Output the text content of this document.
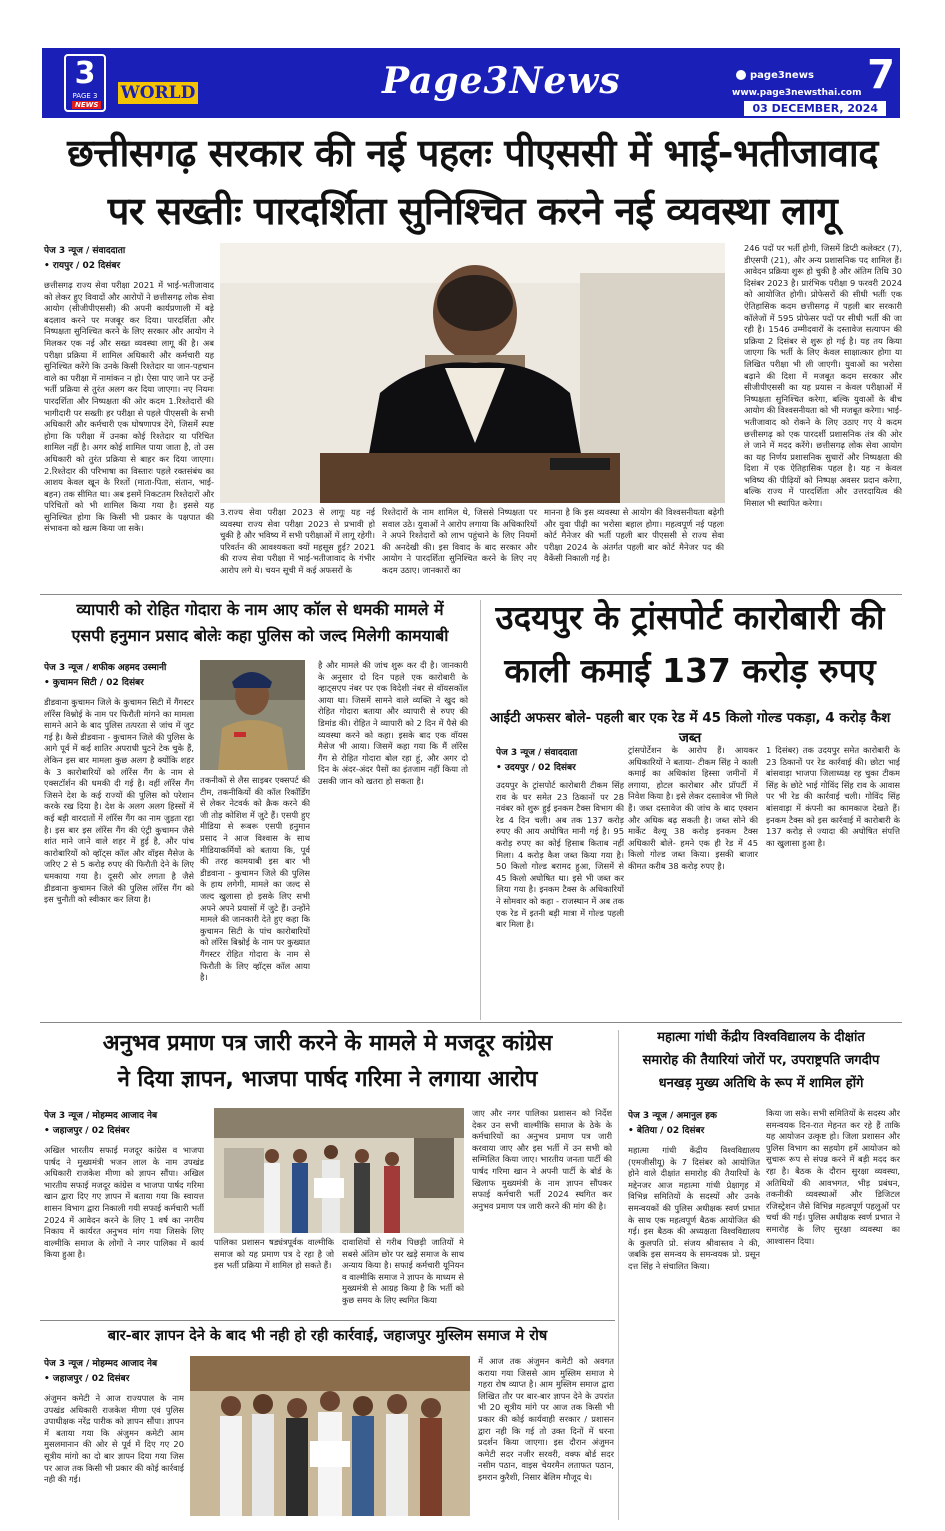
3
PAGE 3
NEWS
WORLD	Page3News	page3news
www.page3newsthai.com 7
03 DECEMBER, 2024
छत्तीसगढ़ सरकार की नई पहलः पीएससी में भाई-भतीजावाद
पर सख्तीः पारदर्शिता सुनिश्चित करने नई व्यवस्था लागू
पेज 3 न्यूज / संवाददाता
• रायपुर / 02 दिसंबर
छत्तीसगढ़ राज्य सेवा परीक्षा 2021 में भाई-भतीजावाद को लेकर हुए विवादों और आरोपों ने छत्तीसगढ़ लोक सेवा आयोग (सीजीपीएससी) की अपनी कार्यप्रणाली में बड़े बदलाव करने पर मजबूर कर दिया। पारदर्शिता और निष्पक्षता सुनिश्चित करने के लिए सरकार और आयोग ने मिलकर एक नई और सख्त व्यवस्था लागू की है। अब परीक्षा प्रक्रिया में शामिल अधिकारी और कर्मचारी यह सुनिश्चित करेंगे कि उनके किसी रिश्तेदार या जान-पहचान वाले का परीक्षा में नामांकन न हो। ऐसा पाए जाने पर उन्हें भर्ती प्रक्रिया से तुरंत अलग कर दिया जाएगा। नए नियमः पारदर्शिता और निष्पक्षता की ओर कदम 1.रिश्तेदारों की भागीदारी पर सख्तीः हर परीक्षा से पहले पीएससी के सभी अधिकारी और कर्मचारी एक घोषणापत्र देंगे, जिसमें स्पष्ट होगा कि परीक्षा में उनका कोई रिश्तेदार या परिचित शामिल नहीं है। अगर कोई शामिल पाया जाता है, तो उस अधिकारी को तुरंत प्रक्रिया से बाहर कर दिया जाएगा। 2.रिश्तेदार की परिभाषा का विस्तारः पहले रक्तसंबंध का आशय केवल खून के रिश्तों (माता-पिता, संतान, भाई-बहन) तक सीमित था। अब इसमें निकटतम रिश्तेदारों और परिचितों को भी शामिल किया गया है। इससे यह सुनिश्चित होगा कि किसी भी प्रकार के पक्षपात की संभावना को खत्म किया जा सके।
3.राज्य सेवा परीक्षा 2023 से लागूः यह नई व्यवस्था राज्य सेवा परीक्षा 2023 से प्रभावी हो चुकी है और भविष्य में सभी परीक्षाओं में लागू रहेगी। परिवर्तन की आवश्यकता क्यों महसूस हुई? 2021 की राज्य सेवा परीक्षा में भाई-भतीजावाद के गंभीर आरोप लगे थे। चयन सूची में कई अफसरों के
रिश्तेदारों के नाम शामिल थे, जिससे निष्पक्षता पर सवाल उठे। युवाओं ने आरोप लगाया कि अधिकारियों ने अपने रिश्तेदारों को लाभ पहुंचाने के लिए नियमों की अनदेखी की। इस विवाद के बाद सरकार और आयोग ने पारदर्शिता सुनिश्चित करने के लिए नए कदम उठाए। जानकारों का
मानना है कि इस व्यवस्था से आयोग की विश्वसनीयता बढ़ेगी और युवा पीढ़ी का भरोसा बहाल होगा। महत्वपूर्ण नई पहलः कोर्ट मैनेजर की भर्ती पहली बार पीएससी से राज्य सेवा परीक्षा 2024 के अंतर्गत पहली बार कोर्ट मैनेजर पद की वैकेंसी निकाली गई है।
246 पदों पर भर्ती होगी, जिसमें डिप्टी कलेक्टर (7), डीएसपी (21), और अन्य प्रशासनिक पद शामिल हैं। आवेदन प्रक्रिया शुरू हो चुकी है और अंतिम तिथि 30 दिसंबर 2023 है। प्रारंभिक परीक्षा 9 फरवरी 2024 को आयोजित होगी। प्रोफेसरों की सीधी भर्तीः एक ऐतिहासिक कदम छत्तीसगढ़ में पहली बार सरकारी कॉलेजों में 595 प्रोफेसर पदों पर सीधी भर्ती की जा रही है। 1546 उम्मीदवारों के दस्तावेज सत्यापन की प्रक्रिया 2 दिसंबर से शुरू हो गई है। यह तय किया जाएगा कि भर्ती के लिए केवल साक्षात्कार होगा या लिखित परीक्षा भी ली जाएगी। युवाओं का भरोसा बढ़ाने की दिशा में मजबूत कदम सरकार और सीजीपीएससी का यह प्रयास न केवल परीक्षाओं में निष्पक्षता सुनिश्चित करेगा, बल्कि युवाओं के बीच आयोग की विश्वसनीयता को भी मजबूत करेगा। भाई-भतीजावाद को रोकने के लिए उठाए गए ये कदम छत्तीसगढ़ को एक पारदर्शी प्रशासनिक तंत्र की ओर ले जाने में मदद करेंगे। छत्तीसगढ़ लोक सेवा आयोग का यह निर्णय प्रशासनिक सुधारों और निष्पक्षता की दिशा में एक ऐतिहासिक पहल है। यह न केवल भविष्य की पीढ़ियों को निष्पक्ष अवसर प्रदान करेगा, बल्कि राज्य में पारदर्शिता और उत्तरदायित्व की मिसाल भी स्थापित करेगा।
व्यापारी को रोहित गोदारा के नाम आए कॉल से धमकी मामले में
एसपी हनुमान प्रसाद बोलेः कहा पुलिस को जल्द मिलेगी कामयाबी
पेज 3 न्यूज / शफीक अहमद उस्मानी
• कुचामन सिटी / 02 दिसंबर
डीडवाना कुचामन जिले के कुचामन सिटी में गैंगस्टर लॉरेंस विश्नोई के नाम पर फिरौती मांगने का मामला सामने आने के बाद पुलिस तत्परता से जांच में जुट गई है। कैसे डीडवाना - कुचामन जिले की पुलिस के आगे पूर्व में कई शातिर अपराधी घुटने टेक चुके हैं, लेकिन इस बार मामला कुछ अलग है क्योंकि शहर के 3 कारोबारियों को लॉरेंस गैंग के नाम से एक्सटॉर्शन की धमकी दी गई है। वहीं लॉरेंस गैंग जिसने देश के कई राज्यों की पुलिस को परेशान करके रख दिया है। देश के अलग अलग हिस्सों में कई बड़ी वारदातों में लॉरेंस गैंग का नाम जुड़ता रहा है। इस बार इस लॉरेंस गैंग की एंट्री कुचामन जैसे शांत माने जाने वाले शहर में हुई है, और पांच कारोबारियों को व्हॉट्स कॉल और वॉइस मैसेज के जरिए 2 से 5 करोड़ रुपए की फिरौती देने के लिए धमकाया गया है। दूसरी ओर लगता है जैसे डीडवाना कुचामन जिले की पुलिस लॉरेंस गैंग को इस चुनौती को स्वीकार कर लिया है।
तकनीकों से लैस साइबर एक्सपर्ट की टीम, तकनीकियों की कॉल रिकॉर्डिंग से लेकर नेटवर्क को क्रैक करने की जी तोड़ कोशिश में जुटे हैं। एसपी हुए मीडिया से रूबरू एसपी हनुमान प्रसाद ने आज विश्वास के साथ मीडियाकर्मियों को बताया कि, पूर्व की तरह कामयाबी इस बार भी डीडवाना - कुचामन जिले की पुलिस के हाथ लगेगी, मामले का जल्द से जल्द खुलासा हो इसके लिए सभी अपने अपने प्रयासों में जुटे हैं। उन्होंने मामले की जानकारी देते हुए कहा कि कुचामन सिटी के पांच कारोबारियों को लॉरेंस बिश्नोई के नाम पर कुख्यात गैंगस्टर रोहित गोदारा के नाम से फिरौती के लिए व्हॉट्स कॉल आया है।
है और मामले की जांच शुरू कर दी है। जानकारी के अनुसार दो दिन पहले एक कारोबारी के व्हाट्सएप नंबर पर एक विदेशी नंबर से वॉयसकॉल आया था। जिसमें सामने वाले व्यक्ति ने खुद को रोहित गोदारा बताया और व्यापारी से रुपए की डिमांड की। रोहित ने व्यापारी को 2 दिन में पैसे की व्यवस्था करने को कहा। इसके बाद एक वॉयस मैसेज भी आया। जिसमें कहा गया कि मैं लॉरेंस गैंग से रोहित गोदारा बोल रहा हूं, और अगर दो दिन के अंदर-अंदर पैसों का इंतजाम नहीं किया तो उसकी जान को खतरा हो सकता है।
उदयपुर के ट्रांसपोर्ट कारोबारी की
काली कमाई 137 करोड़ रुपए
आईटी अफसर बोले- पहली बार एक रेड में 45 किलो गोल्ड पकड़ा, 4 करोड़ कैश जब्त
पेज 3 न्यूज / संवाददाता
• उदयपुर / 02 दिसंबर
उदयपुर के ट्रांसपोर्ट कारोबारी टीकम सिंह राव के घर समेत 23 ठिकानों पर 28 नवंबर को शुरू हुई इनकम टैक्स विभाग की रेड 4 दिन चली। अब तक 137 करोड़ रुपए की आय अघोषित मानी गई है। 95 करोड़ रुपए का कोई हिसाब किताब नहीं मिला। 4 करोड़ कैश जब्त किया गया है। 50 किलो गोल्ड बरामद हुआ, जिसमें से 45 किलो अघोषित था। इसे भी जब्त कर लिया गया है। इनकम टैक्स के अधिकारियों ने सोमवार को कहा - राजस्थान में अब तक एक रेड में इतनी बड़ी मात्रा में गोल्ड पहली बार मिला है।
ट्रांसपोर्टेशन के आरोप हैं। आयकर अधिकारियों ने बताया- टीकम सिंह ने काली कमाई का अधिकांश हिस्सा जमीनों में लगाया, होटल कारोबार और प्रॉपर्टी में निवेश किया है। इसे लेकर दस्तावेज भी मिले हैं। जब्त दस्तावेज की जांच के बाद एक्शन और अधिक बढ़ सकती है। जब्त सोने की मार्केट वैल्यू 38 करोड़ इनकम टैक्स अधिकारी बोले- हमने एक ही रेड में 45 किलो गोल्ड जब्त किया। इसकी बाजार कीमत करीब 38 करोड़ रुपए है।
1 दिसंबर) तक उदयपुर समेत कारोबारी के 23 ठिकानों पर रेड कार्रवाई की। छोटा भाई बांसवाड़ा भाजपा जिलाध्यक्ष रह चुका टीकम सिंह के छोटे भाई गोविंद सिंह राव के आवास पर भी रेड की कार्रवाई चली। गोविंद सिंह बांसवाड़ा में कंपनी का कामकाज देखते हैं। इनकम टैक्स को इस कार्रवाई में कारोबारी के 137 करोड़ से ज्यादा की अघोषित संपत्ति का खुलासा हुआ है।
अनुभव प्रमाण पत्र जारी करने के मामले मे मजदूर कांग्रेस
ने दिया ज्ञापन, भाजपा पार्षद गरिमा ने लगाया आरोप
पेज 3 न्यूज / मोहम्मद आजाद नेब
• जहाजपुर / 02 दिसंबर
अखिल भारतीय सफाई मजदूर कांग्रेस व भाजपा पार्षद ने मुख्यमंत्री भजन लाल के नाम उपखंड अधिकारी राजकेश मीणा को ज्ञापन सौंपा। अखिल भारतीय सफाई मजदूर कांग्रेस व भाजपा पार्षद गरिमा खान द्वारा दिए गए ज्ञापन में बताया गया कि स्वायत्त शासन विभाग द्वारा निकाली गयी सफाई कर्मचारी भर्ती 2024 में आवेदन करने के लिए 1 वर्ष का नगरीय निकाय में कार्यरत अनुभव मांग गया जिसके लिए वाल्मीकि समाज के लोगों ने नगर पालिका में कार्य किया हुआ है।
पालिका प्रशासन षड्यंत्रपूर्वक वाल्मीकि समाज को यह प्रमाण पत्र दे रहा है जो इस भर्ती प्रक्रिया में शामिल हो सकते हैं।
दावाशियों से गरीब पिछड़ी जातियों मे सबसे अंतिम छोर पर खड़े समाज के साथ अन्याय किया है। सफाई कर्मचारी यूनियन व वाल्मीकि समाज ने ज्ञापन के माध्यम से मुख्यमंत्री से आग्रह किया है कि भर्ती को कुछ समय के लिए स्थगित किया
जाए और नगर पालिका प्रशासन को निर्देश देकर उन सभी वाल्मीकि समाज के ठेके के कर्मचारियों का अनुभव प्रमाण पत्र जारी करवाया जाए और इस भर्ती में उन सभी को सम्मिलित किया जाए। भारतीय जनता पार्टी की पार्षद गरिमा खान ने अपनी पार्टी के बोर्ड के खिलाफ मुख्यमंत्री के नाम ज्ञापन सौंपकर सफाई कर्मचारी भर्ती 2024 स्थगित कर अनुभव प्रमाण पत्र जारी करने की मांग की है।
महात्मा गांधी केंद्रीय विश्वविद्यालय के दीक्षांत
समारोह की तैयारियां जोरों पर, उपराष्ट्रपति जगदीप
धनखड़ मुख्य अतिथि के रूप में शामिल होंगे
पेज 3 न्यूज / अमानुल हक
• बेतिया / 02 दिसंबर
महात्मा गांधी केंद्रीय विश्वविद्यालय (एमजीसीयू) के 7 दिसंबर को आयोजित होने वाले दीक्षांत समारोह की तैयारियों के मद्देनजर आज महात्मा गांधी प्रेक्षागृह में विभिन्न समितियों के सदस्यों और उनके समन्वयकों की पुलिस अधीक्षक स्वर्ण प्रभात के साथ एक महत्वपूर्ण बैठक आयोजित की गई। इस बैठक की अध्यक्षता विश्वविद्यालय के कुलपति प्रो. संजय श्रीवास्तव ने की, जबकि इस समन्वय के समन्वयक प्रो. प्रसून दत्त सिंह ने संचालित किया।
किया जा सके। सभी समितियों के सदस्य और समन्वयक दिन-रात मेहनत कर रहे हैं ताकि यह आयोजन उत्कृष्ट हो। जिला प्रशासन और पुलिस विभाग का सहयोग हमें आयोजन को सुचारू रूप से संपन्न करने में बड़ी मदद कर रहा है। बैठक के दौरान सुरक्षा व्यवस्था, अतिथियों की आवभगत, भीड़ प्रबंधन, तकनीकी व्यवस्थाओं और डिजिटल रजिस्ट्रेशन जैसे विभिन्न महत्वपूर्ण पहलुओं पर चर्चा की गई। पुलिस अधीक्षक स्वर्ण प्रभात ने समारोह के लिए सुरक्षा व्यवस्था का आश्वासन दिया।
बार-बार ज्ञापन देने के बाद भी नही हो रही कार्रवाई, जहाजपुर मुस्लिम समाज मे रोष
पेज 3 न्यूज / मोहम्मद आजाद नेब
• जहाजपुर / 02 दिसंबर
अंजुमन कमेटी ने आज राज्यपाल के नाम उपखंड अधिकारी राजकेश मीणा एवं पुलिस उपाधीक्षक नरेंद्र पारीक को ज्ञापन सौंपा। ज्ञापन में बताया गया कि अंजुमन कमेटी आम मुसलमानान की ओर से पूर्व में दिए गए 20 सूत्रीय मांगो का दो बार ज्ञापन दिया गया जिस पर आज तक किसी भी प्रकार की कोई कार्रवाई नही की गई।
में आज तक अंजुमन कमेटी को अवगत कराया गया जिससे आम मुस्लिम समाज मे गहरा रोष व्याप्त है। आम मुस्लिम समाज द्वारा लिखित तौर पर बार-बार ज्ञापन देने के उपरांत भी 20 सूत्रीय मांगे पर आज तक किसी भी प्रकार की कोई कार्यवाही सरकार / प्रशासन द्वारा नही कि गई तो उक्त दिनों में धरना प्रदर्शन किया जाएगा। इस दौरान अंजुमन कमेटी सदर नजीर सरवरी, वक्फ बोर्ड सदर नसीम पठान, वाइस चेयरमैन लताफत पठान, इमरान कुरैशी, निसार बेलिम मौजूद थे।
